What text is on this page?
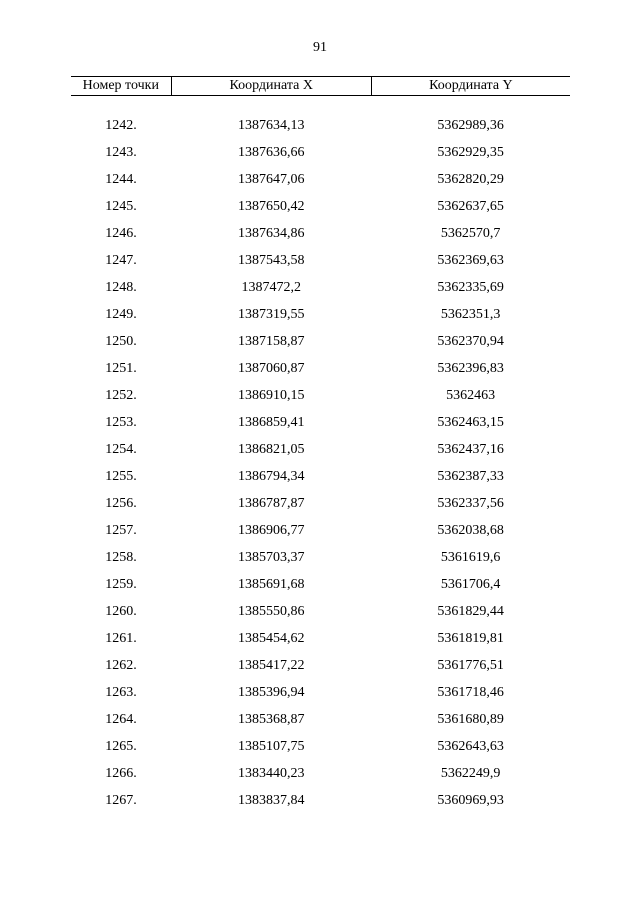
91
Номер точки	Координата X	Координата Y

1242.	1387634,13	5362989,36
1243.	1387636,66	5362929,35
1244.	1387647,06	5362820,29
1245.	1387650,42	5362637,65
1246.	1387634,86	5362570,7
1247.	1387543,58	5362369,63
1248.	1387472,2	5362335,69
1249.	1387319,55	5362351,3
1250.	1387158,87	5362370,94
1251.	1387060,87	5362396,83
1252.	1386910,15	5362463
1253.	1386859,41	5362463,15
1254.	1386821,05	5362437,16
1255.	1386794,34	5362387,33
1256.	1386787,87	5362337,56
1257.	1386906,77	5362038,68
1258.	1385703,37	5361619,6
1259.	1385691,68	5361706,4
1260.	1385550,86	5361829,44
1261.	1385454,62	5361819,81
1262.	1385417,22	5361776,51
1263.	1385396,94	5361718,46
1264.	1385368,87	5361680,89
1265.	1385107,75	5362643,63
1266.	1383440,23	5362249,9
1267.	1383837,84	5360969,93
